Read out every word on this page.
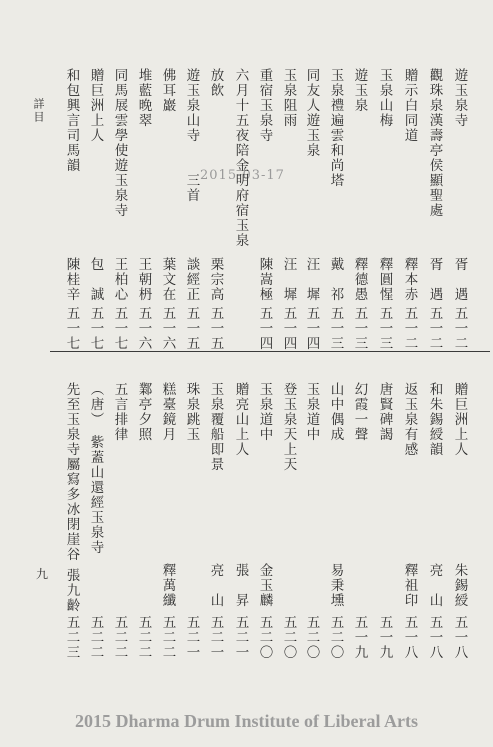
詳目
九
2015-03-17
2015 Dharma Drum Institute of Liberal Arts
遊玉泉寺
胥　遇
五一二
觀珠泉漢壽亭侯顯聖處
胥　遇
五一二
贈示白同道
釋本赤
五一二
玉泉山梅
釋圓惺
五一三
遊玉泉
釋德愚
五一三
玉泉禮遍雲和尚塔
戴　祁
五一三
同友人遊玉泉
汪　墀
五一四
玉泉阻雨
汪　墀
五一四
重宿玉泉寺
陳嵩極
五一四
六月十五夜陪金明府宿玉泉
栗宗高
五一五
放飲
遊玉泉山寺　　三首
談經正
五一五
佛耳巖
葉文在
五一六
堆藍晚翠
王朝枬
五一六
同馬展雲學使遊玉泉寺
王柏心
五一七
贈巨洲上人
包　誠
五一七
和包興言司馬韻
陳桂辛
五一七
贈巨洲上人
朱錫綬
五一八
和朱錫綬韻
亮　山
五一八
返玉泉有感
釋祖印
五一八
唐賢碑謁
五一九
幻霞一聲
五一九
山中偶成
易秉壎
五二〇
玉泉道中
五二〇
登玉泉天上天
五二〇
玉泉道中
金玉麟
五二〇
贈亮山上人
張　昇
五二一
玉泉覆船即景
亮　山
五二一
珠泉跳玉
五二一
糕臺鏡月
釋萬纖
五二二
鄴亭夕照
五二二
五言排律
五二二
（唐）　紫蓋山還經玉泉寺
五二二
先至玉泉寺屬寫多冰閉崖谷
張九齡
五二三
